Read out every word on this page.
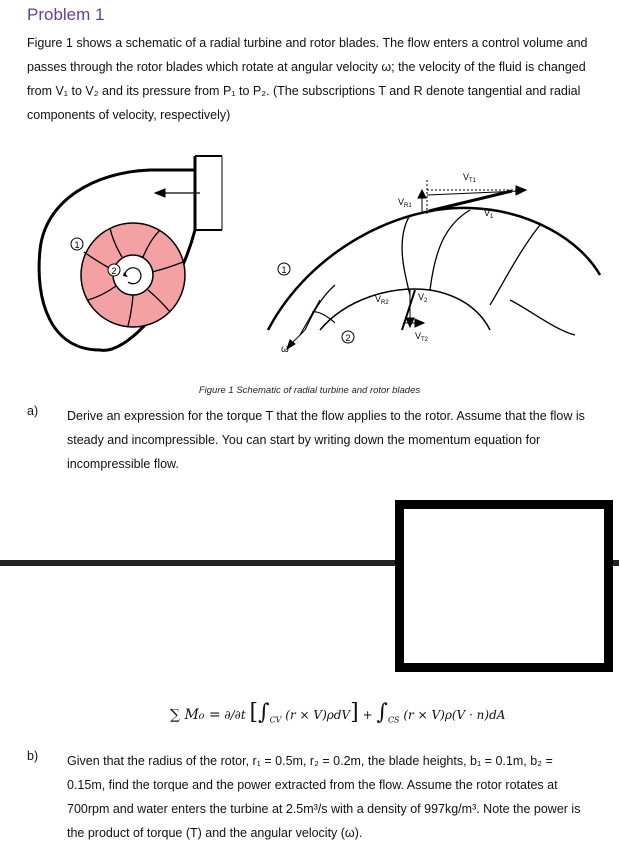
Problem 1
Figure 1 shows a schematic of a radial turbine and rotor blades. The flow enters a control volume and passes through the rotor blades which rotate at angular velocity ω; the velocity of the fluid is changed from V₁ to V₂ and its pressure from P₁ to P₂. (The subscriptions T and R denote tangential and radial components of velocity, respectively)
1
2	1
2
ω
$V_{T1}$
$V_{R1}$
$V_1$
$V_{R2}$
$V_2$
$V_{T2}$
Figure 1 Schematic of radial turbine and rotor blades
a) Derive an expression for the torque T that the flow applies to the rotor. Assume that the flow is steady and incompressible. You can start by writing down the momentum equation for incompressible flow.
∑ M₀ = ∂/∂t [$\int_{CV}$ $(r \times V)\rho dV] + \int_{CS}$ (r × V)ρ(V · n)dA
b) Given that the radius of the rotor, r₁ = 0.5m, r₂ = 0.2m, the blade heights, b₁ = 0.1m, b₂ = 0.15m, find the torque and the power extracted from the flow. Assume the rotor rotates at 700rpm and water enters the turbine at 2.5m³/s with a density of 997kg/m³. Note the power is the product of torque (T) and the angular velocity (ω).
